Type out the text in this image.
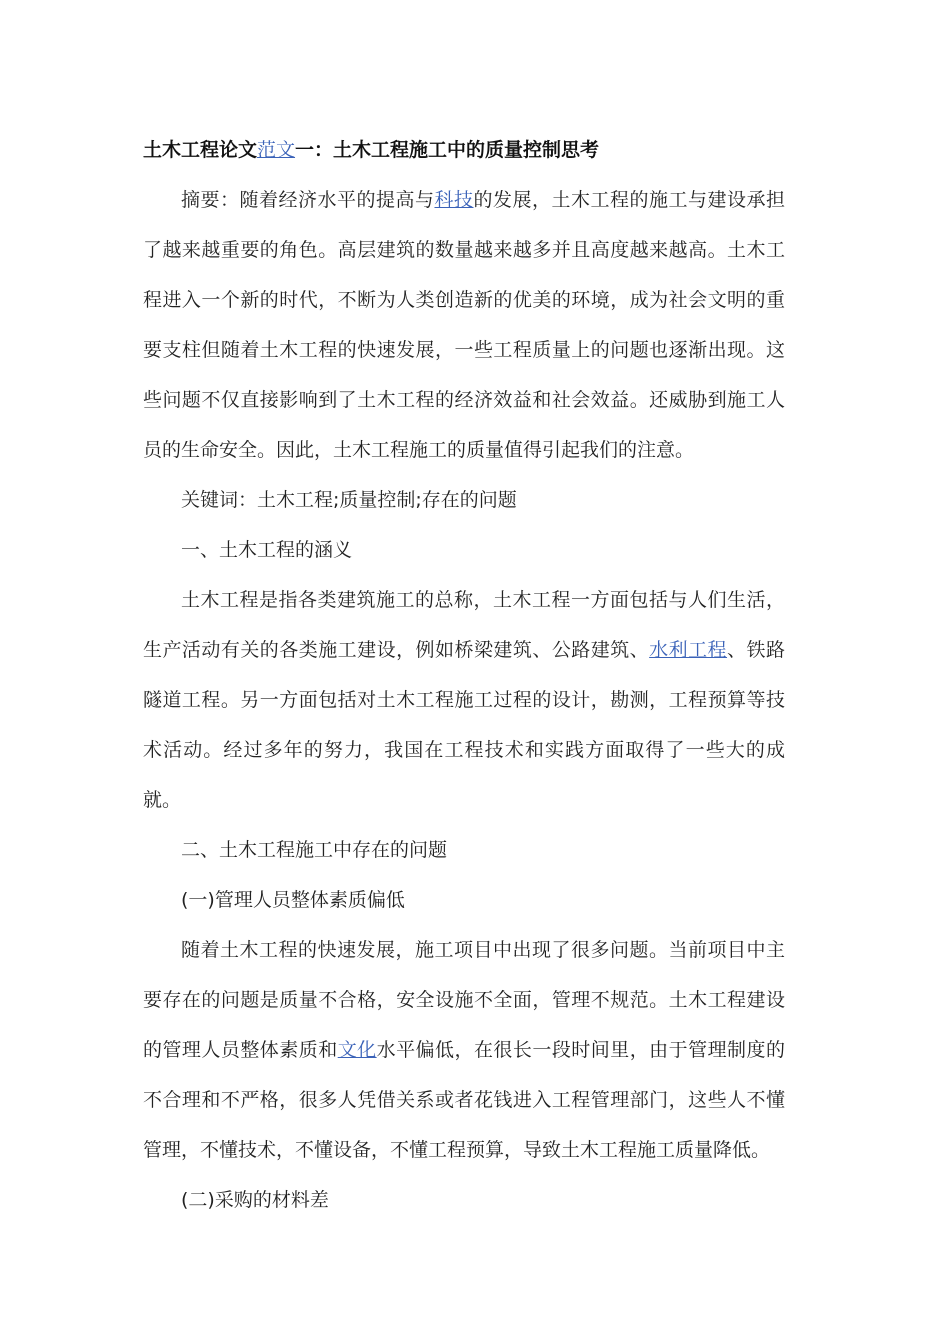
土木工程论文范文一：土木工程施工中的质量控制思考

摘要：随着经济水平的提高与科技的发展，土木工程的施工与建设承担了越来越重要的角色。高层建筑的数量越来越多并且高度越来越高。土木工程进入一个新的时代，不断为人类创造新的优美的环境，成为社会文明的重要支柱但随着土木工程的快速发展，一些工程质量上的问题也逐渐出现。这些问题不仅直接影响到了土木工程的经济效益和社会效益。还威胁到施工人员的生命安全。因此，土木工程施工的质量值得引起我们的注意。

关键词：土木工程;质量控制;存在的问题

一、土木工程的涵义

土木工程是指各类建筑施工的总称，土木工程一方面包括与人们生活，生产活动有关的各类施工建设，例如桥梁建筑、公路建筑、水利工程、铁路隧道工程。另一方面包括对土木工程施工过程的设计，勘测，工程预算等技术活动。经过多年的努力，我国在工程技术和实践方面取得了一些大的成就。

二、土木工程施工中存在的问题

(一)管理人员整体素质偏低

随着土木工程的快速发展，施工项目中出现了很多问题。当前项目中主要存在的问题是质量不合格，安全设施不全面，管理不规范。土木工程建设的管理人员整体素质和文化水平偏低，在很长一段时间里，由于管理制度的不合理和不严格，很多人凭借关系或者花钱进入工程管理部门，这些人不懂管理，不懂技术，不懂设备，不懂工程预算，导致土木工程施工质量降低。

(二)采购的材料差
